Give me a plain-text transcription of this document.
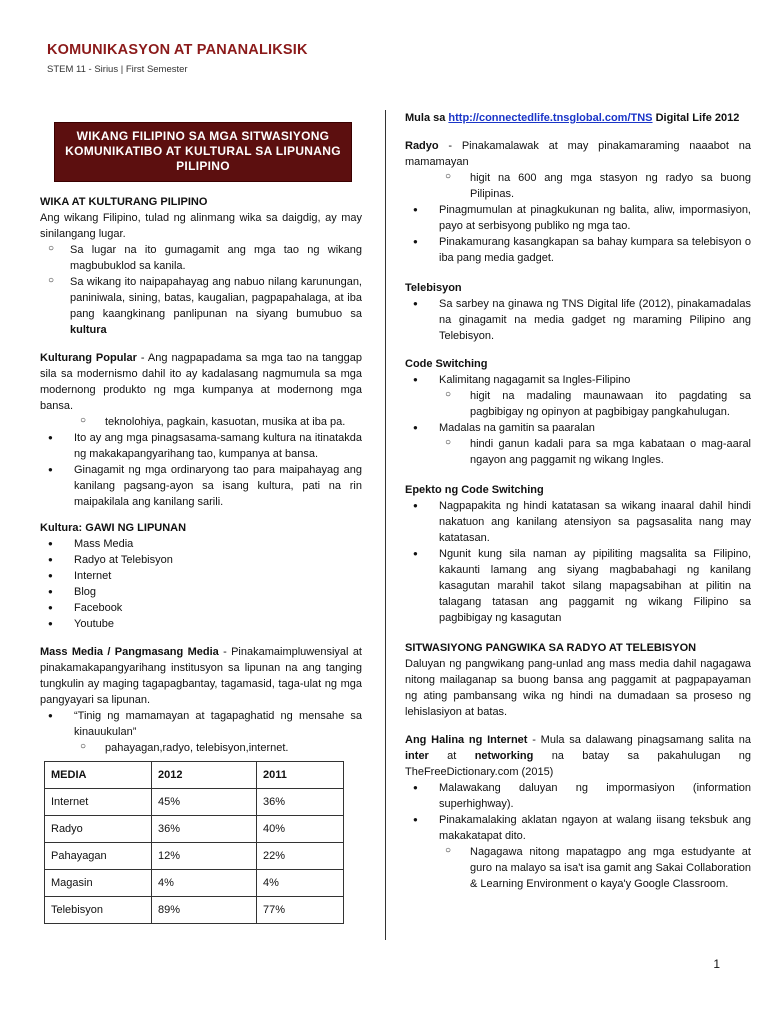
KOMUNIKASYON AT PANANALIKSIK
STEM 11 - Sirius | First Semester
WIKANG FILIPINO SA MGA SITWASIYONG KOMUNIKATIBO AT KULTURAL SA LIPUNANG PILIPINO

WIKA AT KULTURANG PILIPINO

Ang wikang Filipino, tulad ng alinmang wika sa daigdig, ay may sinilangang lugar.

○ Sa lugar na ito gumagamit ang mga tao ng wikang magbubuklod sa kanila.
○ Sa wikang ito naipapahayag ang nabuo nilang karunungan, paniniwala, sining, batas, kaugalian, pagpapahalaga, at iba pang kaangkinang panlipunan na siyang bumubuo sa kultura

Kulturang Popular - Ang nagpapadama sa mga tao na tanggap sila sa modernismo dahil ito ay kadalasang nagmumula sa mga modernong produkto ng mga kumpanya at modernong mga bansa.

○ teknolohiya, pagkain, kasuotan, musika at iba pa.
● Ito ay ang mga pinagsasama-samang kultura na itinatakda ng makakapangyarihang tao, kumpanya at bansa.
● Ginagamit ng mga ordinaryong tao para maipahayag ang kanilang pagsang-ayon sa isang kultura, pati na rin maipakilala ang kanilang sarili.

Kultura: GAWI NG LIPUNAN

● Mass Media
● Radyo at Telebisyon
● Internet
● Blog
● Facebook
● Youtube

Mass Media / Pangmasang Media - Pinakamaimpluwensiyal at pinakamakapangyarihang institusyon sa lipunan na ang tanging tungkulin ay maging tagapagbantay, tagamasid, taga-ulat ng mga pangyayari sa lipunan.

● “Tinig ng mamamayan at tagapaghatid ng mensahe sa kinauukulan”
○ pahayagan,radyo, telebisyon,internet.
MEDIA	2012	2011
Internet	45%	36%
Radyo	36%	40%
Pahayagan	12%	22%
Magasin	4%	4%
Telebisyon	89%	77%

Mula sa http://connectedlife.tnsglobal.com/TNS Digital Life 2012

Radyo - Pinakamalawak at may pinakamaraming naaabot na mamamayan

○ higit na 600 ang mga stasyon ng radyo sa buong Pilipinas.
● Pinagmumulan at pinagkukunan ng balita, aliw, impormasiyon, payo at serbisyong publiko ng mga tao.
● Pinakamurang kasangkapan sa bahay kumpara sa telebisyon o iba pang media gadget.

Telebisyon

● Sa sarbey na ginawa ng TNS Digital life (2012), pinakamadalas na ginagamit na media gadget ng maraming Pilipino ang Telebisyon.

Code Switching

● Kalimitang nagagamit sa Ingles-Filipino
○ higit na madaling maunawaan ito pagdating sa pagbibigay ng opinyon at pagbibigay pangkahulugan.
● Madalas na gamitin sa paaralan
○ hindi ganun kadali para sa mga kabataan o mag-aaral ngayon ang paggamit ng wikang Ingles.

Epekto ng Code Switching

● Nagpapakita ng hindi katatasan sa wikang inaaral dahil hindi nakatuon ang kanilang atensiyon sa pagsasalita nang may katatasan.
● Ngunit kung sila naman ay pipiliting magsalita sa Filipino, kakaunti lamang ang siyang magbabahagi ng kanilang kasagutan marahil takot silang mapagsabihan at pilitin na talagang tatasan ang paggamit ng wikang Filipino sa pagbibigay ng kasagutan

SITWASIYONG PANGWIKA SA RADYO AT TELEBISYON

Daluyan ng pangwikang pang-unlad ang mass media dahil nagagawa nitong mailaganap sa buong bansa ang paggamit at pagpapayaman ng ating pambansang wika ng hindi na dumadaan sa proseso ng lehislasiyon at batas.

Ang Halina ng Internet - Mula sa dalawang pinagsamang salita na inter at networking na batay sa pakahulugan ng TheFreeDictionary.com (2015)

● Malawakang daluyan ng impormasiyon (information superhighway).
● Pinakamalaking aklatan ngayon at walang iisang teksbuk ang makakatapat dito.
○ Nagagawa nitong mapatagpo ang mga estudyante at guro na malayo sa isa't isa gamit ang Sakai Collaboration & Learning Environment o kaya'y Google Classroom.
1
